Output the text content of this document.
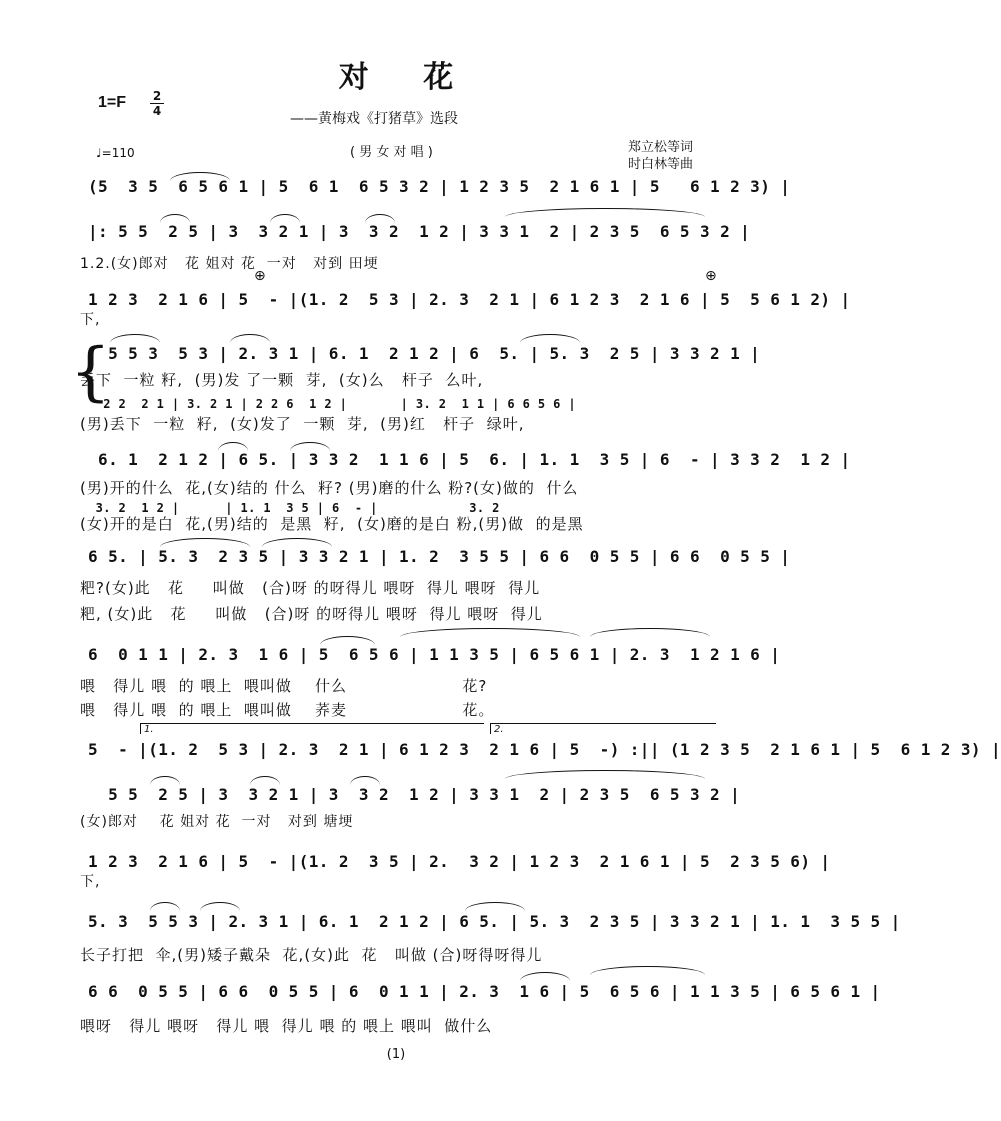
对 花
1=F 2
4	——黄梅戏《打猪草》选段
郑立松等词
时白林等曲
( 男 女 对 唱 )
♩=110
(5  3 5  6 5 6 1 | 5  6 1  6 5 3 2 | 1 2 3 5  2 1 6 1 | 5   6 1 2 3) |
|: 5 5  2 5 | 3  3 2 1 | 3  3 2  1 2 | 3 3 1  2 | 2 3 5  6 5 3 2 |
1.2.(女)郎对   花 姐对 花  一对   对到 田埂
1 2 3  2 1 6 | 5  - |(1. 2  5 3 | 2. 3  2 1 | 6 1 2 3  2 1 6 | 5  5 6 1 2) |
下,
⊕	⊕
{
5 5 3  5 3 | 2. 3 1 | 6. 1  2 1 2 | 6  5. | 5. 3  2 5 | 3 3 2 1 |
丢下  一粒 籽,  (男)发 了一颗  芽,  (女)么   杆子  么叶,
2 2  2 1 | 3. 2 1 | 2 2 6  1 2 |       | 3. 2  1 1 | 6 6 5 6 |
(男)丢下  一粒  籽,  (女)发了  一颗  芽,  (男)红   杆子  绿叶,
6. 1  2 1 2 | 6 5. | 3 3 2  1 1 6 | 5  6. | 1. 1  3 5 | 6  - | 3 3 2  1 2 |
(男)开的什么  花,(女)结的 什么  籽? (男)磨的什么 粉?(女)做的  什么
3. 2  1 2 |      | 1. 1  3 5 | 6  - |            3. 2
(女)开的是白  花,(男)结的  是黑  籽,  (女)磨的是白 粉,(男)做  的是黑
6 5. | 5. 3  2 3 5 | 3 3 2 1 | 1. 2  3 5 5 | 6 6  0 5 5 | 6 6  0 5 5 |
粑?(女)此   花     叫做   (合)呀 的呀得儿 喂呀  得儿 喂呀  得儿
粑, (女)此   花     叫做   (合)呀 的呀得儿 喂呀  得儿 喂呀  得儿
6  0 1 1 | 2. 3  1 6 | 5  6 5 6 | 1 1 3 5 | 6 5 6 1 | 2. 3  1 2 1 6 |
喂   得儿 喂  的 喂上  喂叫做    什么                    花?
喂   得儿 喂  的 喂上  喂叫做    荞麦                    花。
1.	2.
5  - |(1. 2  5 3 | 2. 3  2 1 | 6 1 2 3  2 1 6 | 5  -) :|| (1 2 3 5  2 1 6 1 | 5  6 1 2 3) |
5 5  2 5 | 3  3 2 1 | 3  3 2  1 2 | 3 3 1  2 | 2 3 5  6 5 3 2 |
(女)郎对    花 姐对 花  一对   对到 塘埂
1 2 3  2 1 6 | 5  - |(1. 2  3 5 | 2.  3 2 | 1 2 3  2 1 6 1 | 5  2 3 5 6) |
下,
5. 3  5 5 3 | 2. 3 1 | 6. 1  2 1 2 | 6 5. | 5. 3  2 3 5 | 3 3 2 1 | 1. 1  3 5 5 |
长子打把  伞,(男)矮子戴朵  花,(女)此  花   叫做 (合)呀得呀得儿
6 6  0 5 5 | 6 6  0 5 5 | 6  0 1 1 | 2. 3  1 6 | 5  6 5 6 | 1 1 3 5 | 6 5 6 1 |
喂呀   得儿 喂呀   得儿 喂  得儿 喂 的 喂上 喂叫  做什么
(1)
